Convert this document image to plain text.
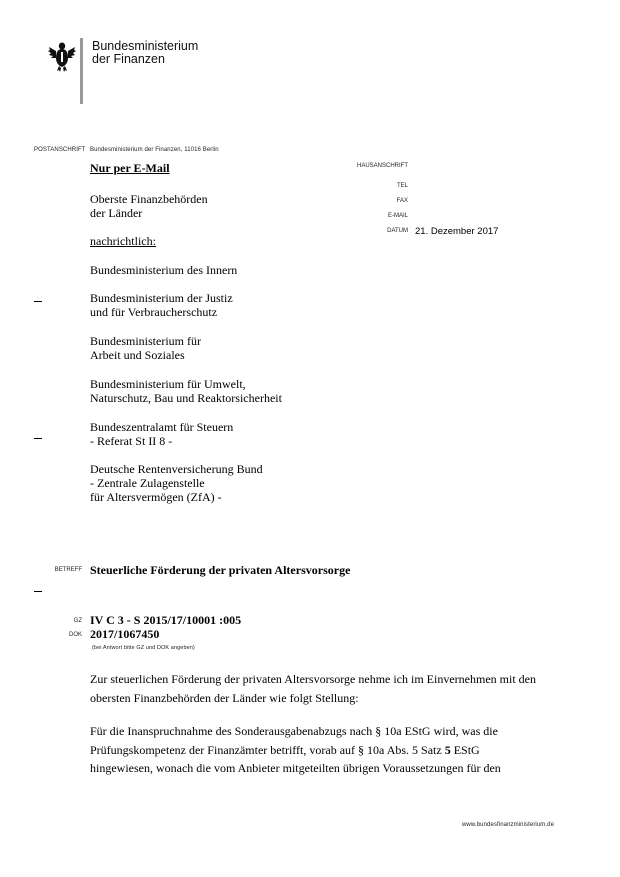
Bundesministerium
der Finanzen
POSTANSCHRIFT Bundesministerium der Finanzen, 11016 Berlin
Nur per E-Mail
Oberste Finanzbehörden
der Länder
nachrichtlich:
Bundesministerium des Innern
Bundesministerium der Justiz
und für Verbraucherschutz
Bundesministerium für
Arbeit und Soziales
Bundesministerium für Umwelt,
Naturschutz, Bau und Reaktorsicherheit
Bundeszentralamt für Steuern
- Referat St II 8 -
Deutsche Rentenversicherung Bund
- Zentrale Zulagenstelle
für Altersvermögen (ZfA) -
HAUSANSCHRIFT
TEL
FAX
E-MAIL
DATUM 21. Dezember 2017
BETREFF Steuerliche Förderung der privaten Altersvorsorge
GZ IV C 3 - S 2015/17/10001 :005
DOK 2017/1067450
(bei Antwort bitte GZ und DOK angeben)
Zur steuerlichen Förderung der privaten Altersvorsorge nehme ich im Einvernehmen mit den
obersten Finanzbehörden der Länder wie folgt Stellung:
Für die Inanspruchnahme des Sonderausgabenabzugs nach § 10a EStG wird, was die
Prüfungskompetenz der Finanzämter betrifft, vorab auf § 10a Abs. 5 Satz 5 EStG
hingewiesen, wonach die vom Anbieter mitgeteilten übrigen Voraussetzungen für den
www.bundesfinanzministerium.de
